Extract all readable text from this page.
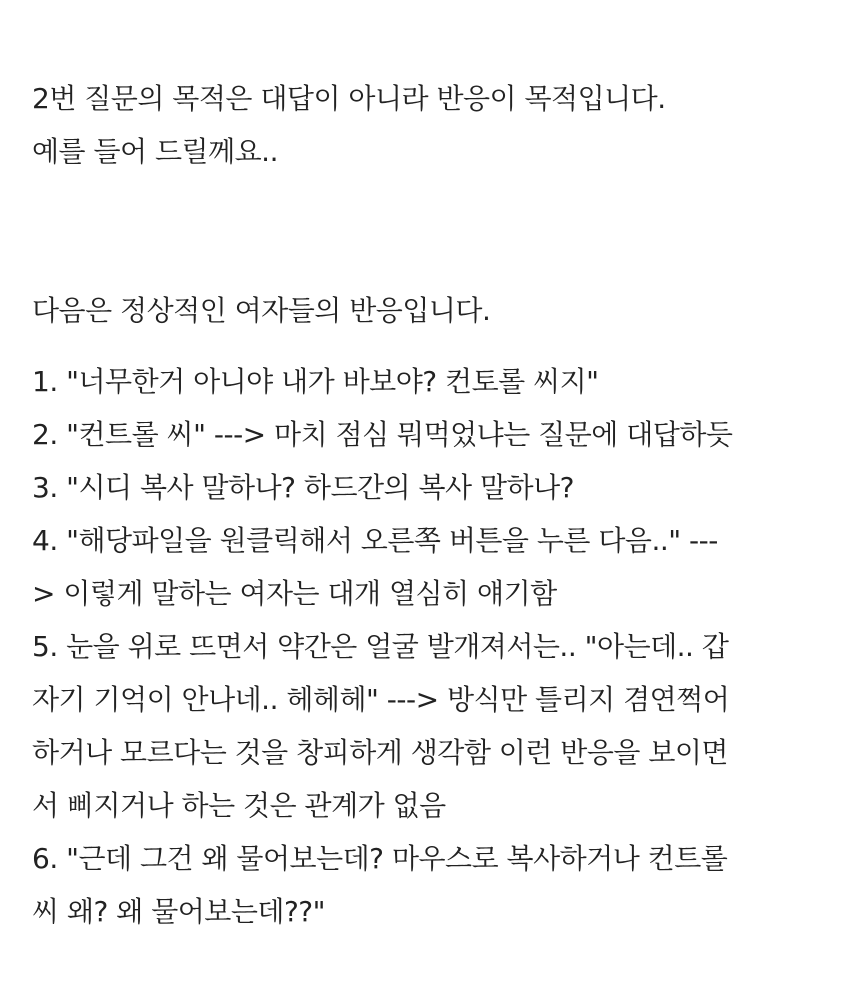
2번 질문의 목적은 대답이 아니라 반응이 목적입니다.
예를 들어 드릴께요..
다음은 정상적인 여자들의 반응입니다.
1. "너무한거 아니야 내가 바보야? 컨토롤 씨지"
2. "컨트롤 씨" ---> 마치 점심 뭐먹었냐는 질문에 대답하듯
3. "시디 복사 말하나? 하드간의 복사 말하나?
4. "해당파일을 원클릭해서 오른쪽 버튼을 누른 다음.." ---
> 이렇게 말하는 여자는 대개 열심히 얘기함
5. 눈을 위로 뜨면서 약간은 얼굴 발개져서는.. "아는데.. 갑
자기 기억이 안나네.. 헤헤헤" ---> 방식만 틀리지 겸연쩍어
하거나 모르다는 것을 창피하게 생각함 이런 반응을 보이면
서 삐지거나 하는 것은 관계가 없음
6. "근데 그건 왜 물어보는데? 마우스로 복사하거나 컨트롤
씨 왜? 왜 물어보는데??"
